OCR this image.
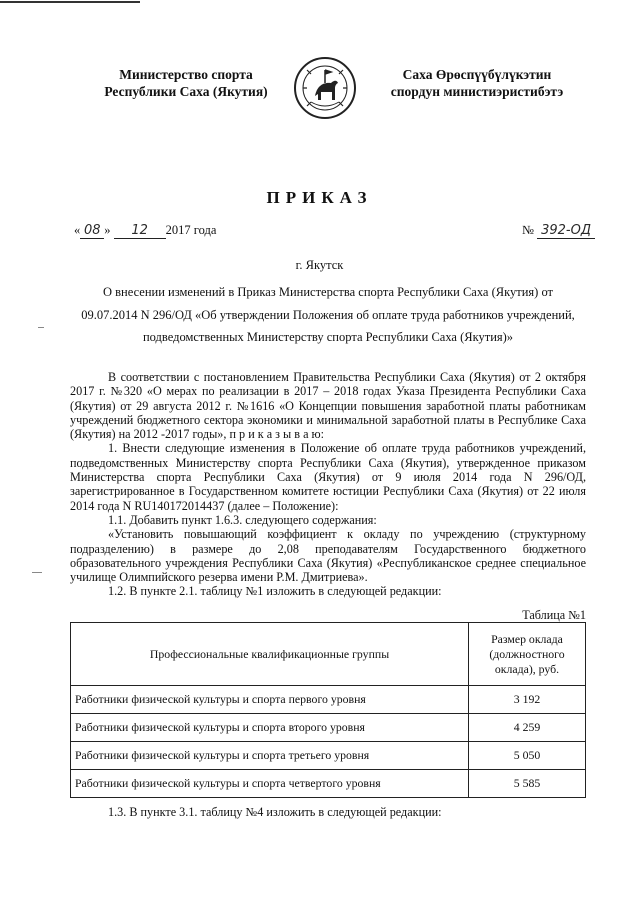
Министерство спорта
Республики Саха (Якутия)
Саха Өрөспүүбүлүкэтин
спордун министиэристибэтэ
ПРИКАЗ
« 08 » 12 2017 года	№ 392-ОД
г. Якутск
О внесении изменений в Приказ Министерства спорта Республики Саха (Якутия) от
09.07.2014 N 296/ОД «Об утверждении Положения об оплате труда работников учреждений,
подведомственных Министерству спорта Республики Саха (Якутия)»

В соответствии с постановлением Правительства Республики Саха (Якутия) от 2 октября 2017 г. №320 «О мерах по реализации в 2017 – 2018 годах Указа Президента Республики Саха (Якутия) от 29 августа 2012 г. №1616 «О Концепции повышения заработной платы работникам учреждений бюджетного сектора экономики и минимальной заработной платы в Республике Саха (Якутия) на 2012 -2017 годы», п р и к а з ы в а ю:

1. Внести следующие изменения в Положение об оплате труда работников учреждений, подведомственных Министерству спорта Республики Саха (Якутия), утвержденное приказом Министерства спорта Республики Саха (Якутия) от 9 июля 2014 года N 296/ОД, зарегистрированное в Государственном комитете юстиции Республики Саха (Якутия) от 22 июля 2014 года N RU140172014437 (далее – Положение):

1.1. Добавить пункт 1.6.3. следующего содержания:

«Установить повышающий коэффициент к окладу по учреждению (структурному подразделению) в размере до 2,08 преподавателям Государственного бюджетного образовательного учреждения Республики Саха (Якутия) «Республиканское среднее специальное училище Олимпийского резерва имени Р.М. Дмитриева».

1.2. В пункте 2.1. таблицу №1 изложить в следующей редакции:

Таблица №1
Профессиональные квалификационные группы	Размер оклада (должностного оклада), руб.
Работники физической культуры и спорта первого уровня	3 192
Работники физической культуры и спорта второго уровня	4 259
Работники физической культуры и спорта третьего уровня	5 050
Работники физической культуры и спорта четвертого уровня	5 585
1.3. В пункте 3.1. таблицу №4 изложить в следующей редакции:
